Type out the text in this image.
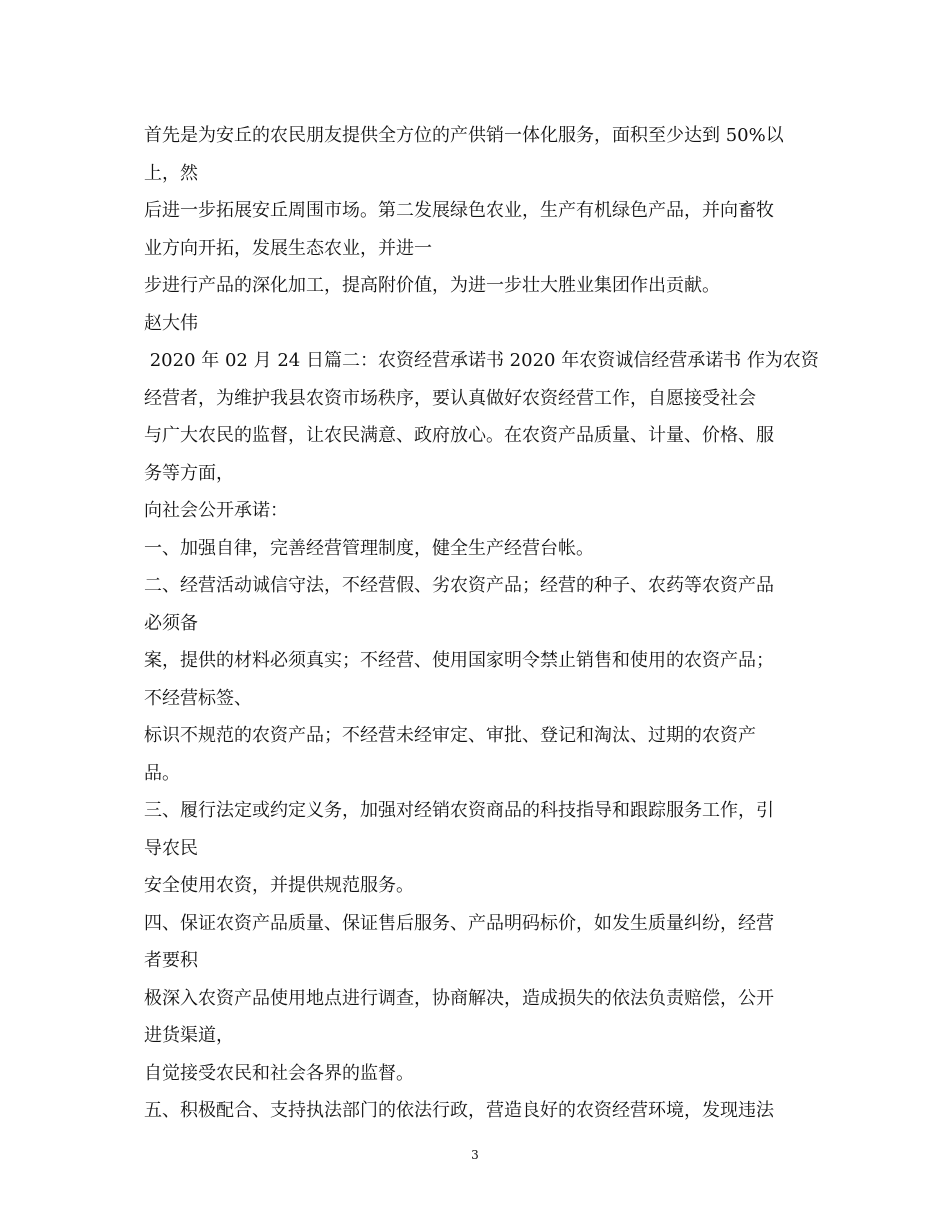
首先是为安丘的农民朋友提供全方位的产供销一体化服务，面积至少达到 50%以

上，然

后进一步拓展安丘周围市场。第二发展绿色农业，生产有机绿色产品，并向畜牧

业方向开拓，发展生态农业，并进一

步进行产品的深化加工，提高附价值，为进一步壮大胜业集团作出贡献。

赵大伟

2020 年 02 月 24 日篇二：农资经营承诺书 2020 年农资诚信经营承诺书 作为农资

经营者，为维护我县农资市场秩序，要认真做好农资经营工作，自愿接受社会

与广大农民的监督，让农民满意、政府放心。在农资产品质量、计量、价格、服

务等方面，

向社会公开承诺：

一、加强自律，完善经营管理制度，健全生产经营台帐。

二、经营活动诚信守法，不经营假、劣农资产品；经营的种子、农药等农资产品

必须备

案，提供的材料必须真实；不经营、使用国家明令禁止销售和使用的农资产品；

不经营标签、

标识不规范的农资产品；不经营未经审定、审批、登记和淘汰、过期的农资产

品。

三、履行法定或约定义务，加强对经销农资商品的科技指导和跟踪服务工作，引

导农民

安全使用农资，并提供规范服务。

四、保证农资产品质量、保证售后服务、产品明码标价，如发生质量纠纷，经营

者要积

极深入农资产品使用地点进行调查，协商解决，造成损失的依法负责赔偿，公开

进货渠道，

自觉接受农民和社会各界的监督。

五、积极配合、支持执法部门的依法行政，营造良好的农资经营环境，发现违法

3
